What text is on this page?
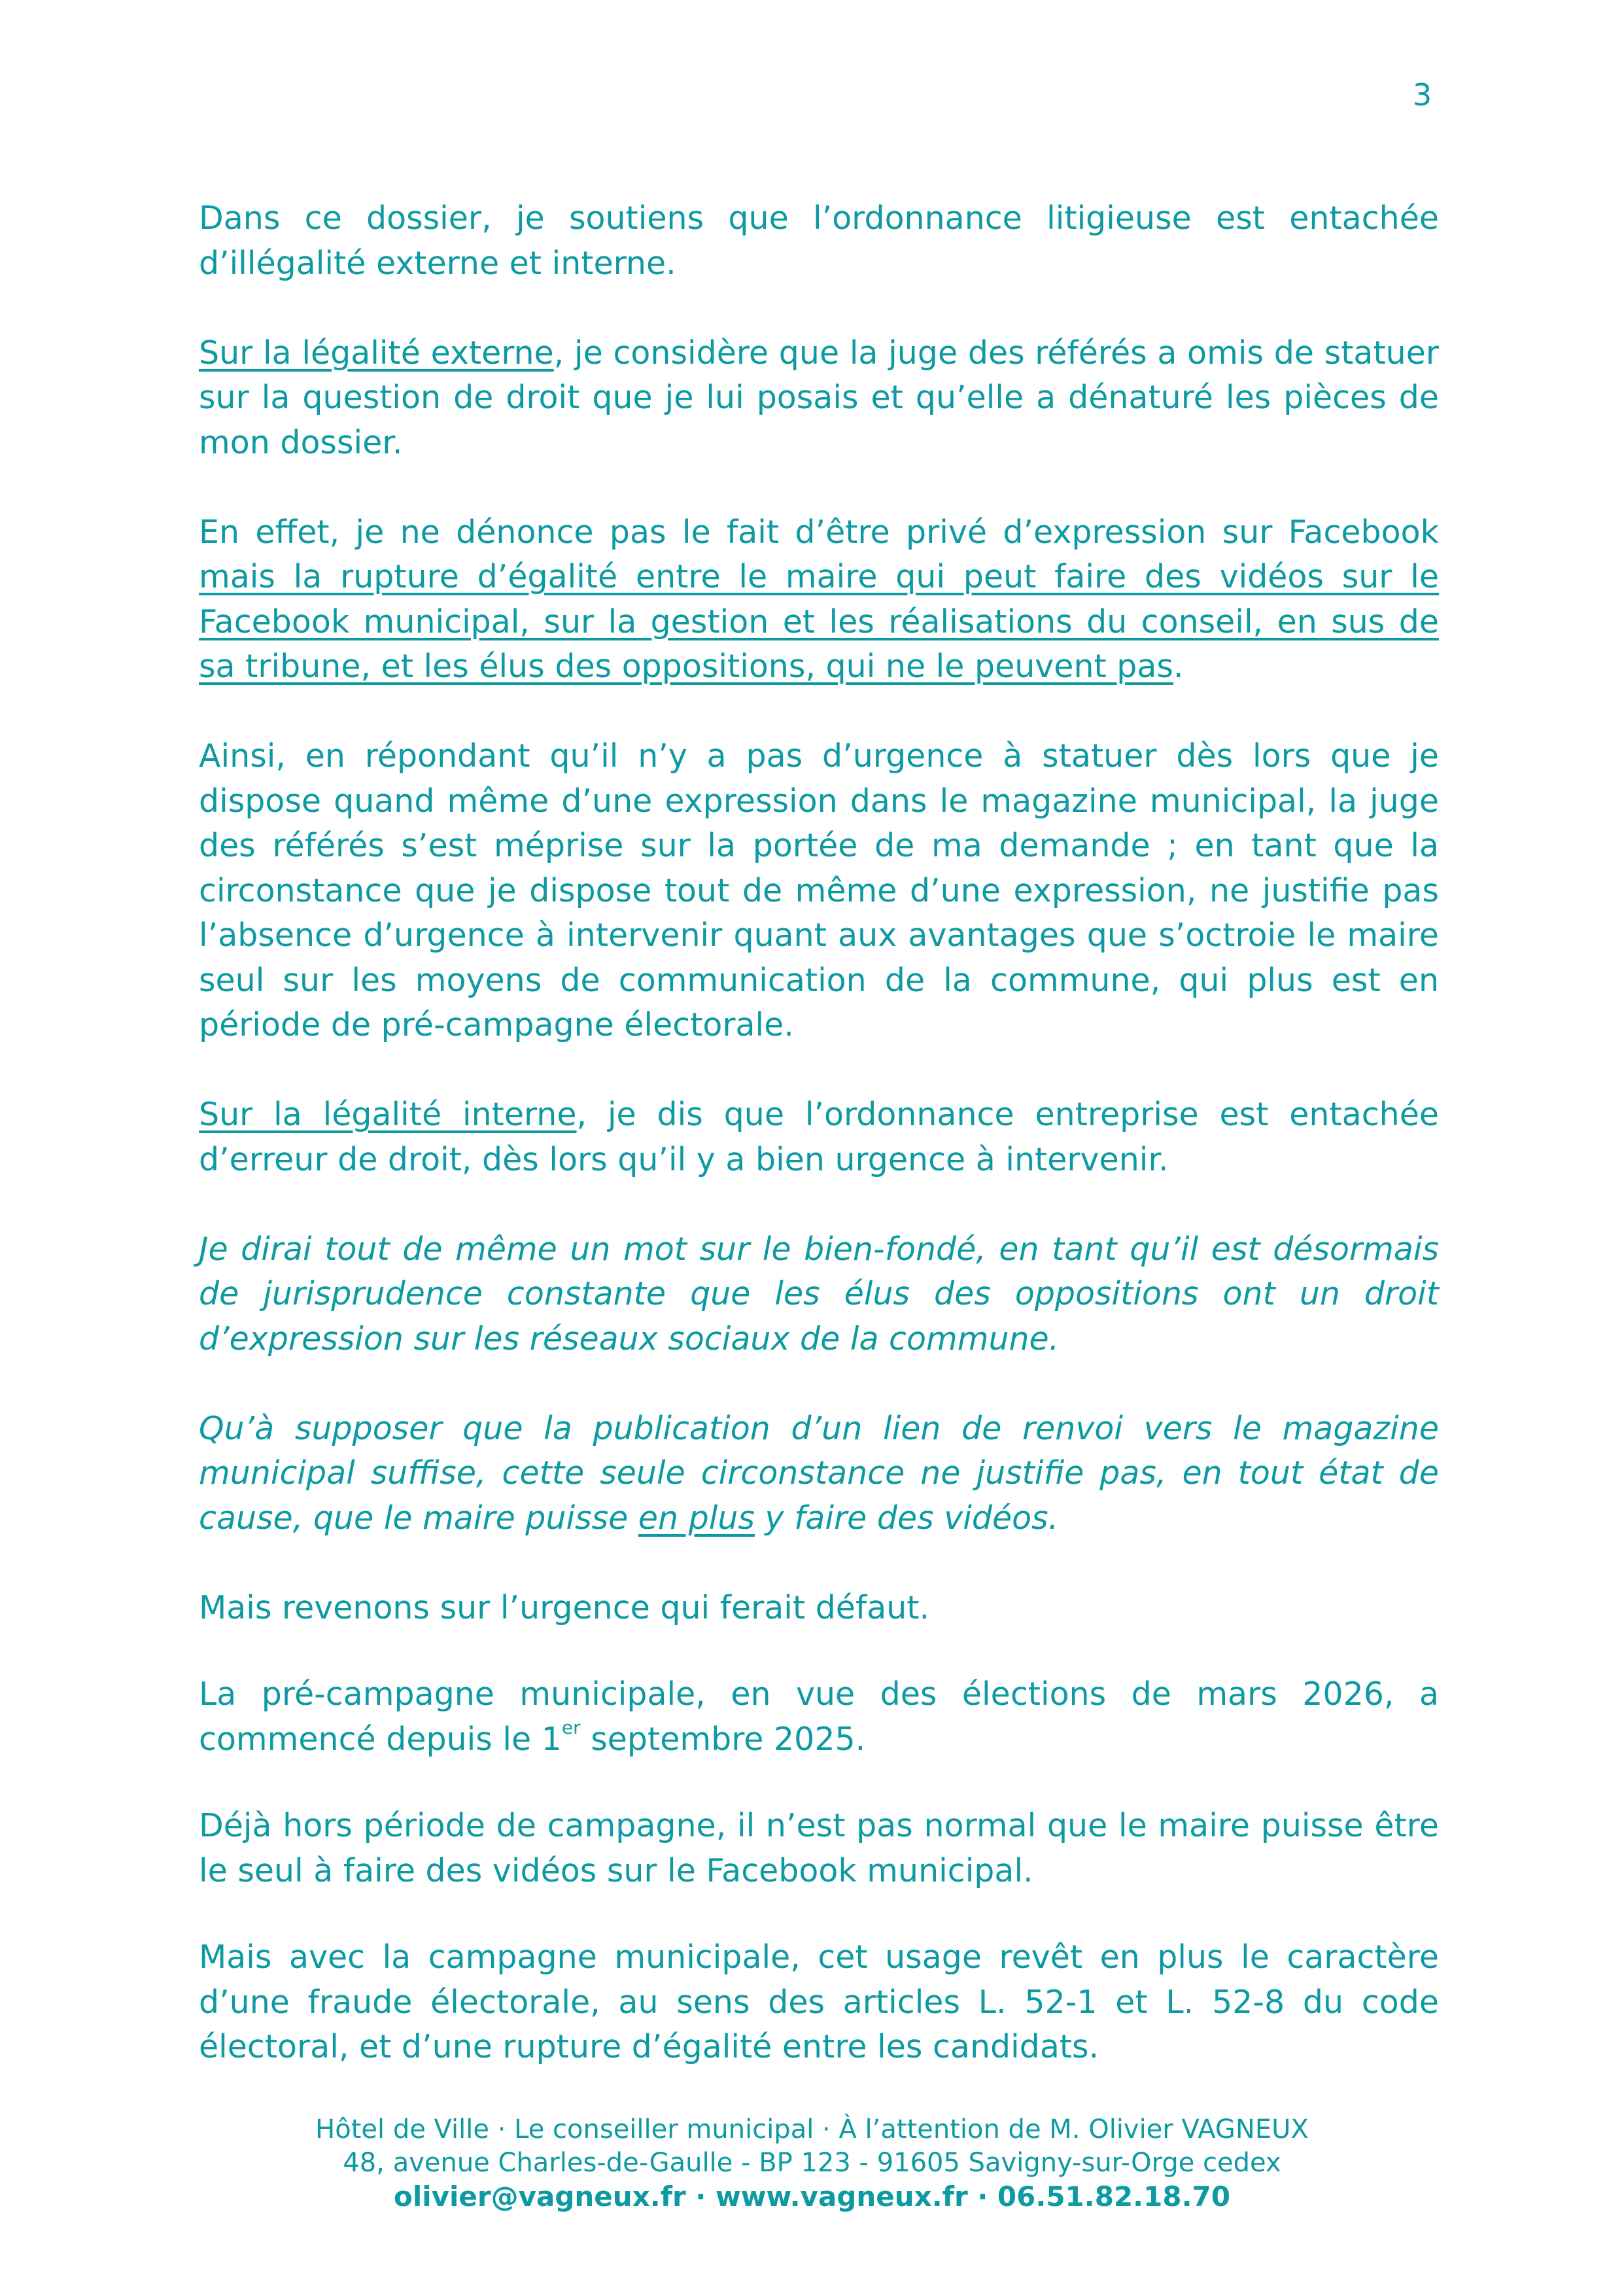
3

Dans ce dossier, je soutiens que l’ordonnance litigieuse est entachée d’illégalité externe et interne.

Sur la légalité externe, je considère que la juge des référés a omis de statuer sur la question de droit que je lui posais et qu’elle a dénaturé les pièces de mon dossier.

En effet, je ne dénonce pas le fait d’être privé d’expression sur Facebook mais la rupture d’égalité entre le maire qui peut faire des vidéos sur le Facebook municipal, sur la gestion et les réalisations du conseil, en sus de sa tribune, et les élus des oppositions, qui ne le peuvent pas.

Ainsi, en répondant qu’il n’y a pas d’urgence à statuer dès lors que je dispose quand même d’une expression dans le magazine municipal, la juge des référés s’est méprise sur la portée de ma demande ; en tant que la circonstance que je dispose tout de même d’une expression, ne justifie pas l’absence d’urgence à intervenir quant aux avantages que s’octroie le maire seul sur les moyens de communication de la commune, qui plus est en période de pré-campagne électorale.

Sur la légalité interne, je dis que l’ordonnance entreprise est entachée d’erreur de droit, dès lors qu’il y a bien urgence à intervenir.

Je dirai tout de même un mot sur le bien-fondé, en tant qu’il est désormais de jurisprudence constante que les élus des oppositions ont un droit d’expression sur les réseaux sociaux de la commune.

Qu’à supposer que la publication d’un lien de renvoi vers le magazine municipal suffise, cette seule circonstance ne justifie pas, en tout état de cause, que le maire puisse en plus y faire des vidéos.

Mais revenons sur l’urgence qui ferait défaut.

La pré-campagne municipale, en vue des élections de mars 2026, a commencé depuis le 1er septembre 2025.

Déjà hors période de campagne, il n’est pas normal que le maire puisse être le seul à faire des vidéos sur le Facebook municipal.

Mais avec la campagne municipale, cet usage revêt en plus le caractère d’une fraude électorale, au sens des articles L. 52-1 et L. 52-8 du code électoral, et d’une rupture d’égalité entre les candidats.

Hôtel de Ville · Le conseiller municipal · À l’attention de M. Olivier VAGNEUX
48, avenue Charles-de-Gaulle - BP 123 - 91605 Savigny-sur-Orge cedex
olivier@vagneux.fr · www.vagneux.fr · 06.51.82.18.70
